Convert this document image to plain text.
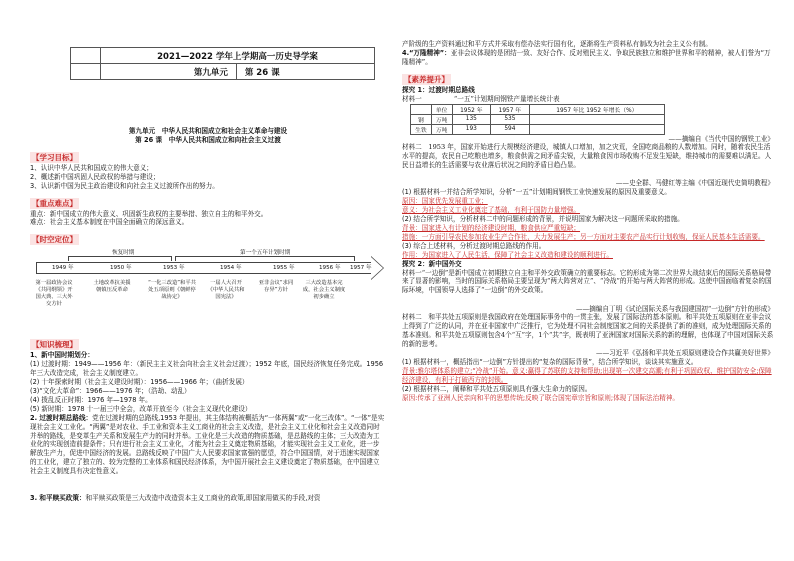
	2021—2022 学年上学期高一历史导学案	
	第九单元	第 26 课
第九单元　中华人民共和国成立和社会主义革命与建设
第 26 课　中华人民共和国成立和向社会主义过渡
【学习目标】
1、认识中华人民共和国成立的伟大意义；
2、概述新中国巩固人民政权的举措与建设；
3、认识新中国为民主政治建设和向社会主义过渡所作出的努力。
【重点难点】
重点：新中国成立的伟大意义、巩固新生政权的主要举措、独立自主的和平外交。
难点：社会主义基本制度在中国全面确立的深远意义。
【时空定位】
恢复时期	第一个五年计划时期
1949 年	1950 年	1953 年	1954 年	1955 年	1956 年 1957 年
第一届政协会议《共同纲领》开国大典、三大外交方针
土地改革抗美援朝镇压反革命
“一化三改造”和平共处五项原则《朝鲜停战协定》
一届人大召开《中华人民共和国宪法》
亚非会议“求同存异”方针
三大改造基本完成，社会主义制度初步确立
【知识梳理】
1、新中国时期划分：
(1) 过渡时期：1949——1956 年：（新民主主义社会向社会主义社会过渡）；1952 年底，国民经济恢复任务完成。1956 年三大改造完成，社会主义制度建立。
(2) 十年探索时期（社会主义建设时期）：1956——1966 年；（曲折发展）
(3)“文化大革命”：1966——1976 年；（浩劫、动乱）
(4) 拨乱反正时期：1976 年—1978 年。
(5) 新时期：1978 十一届三中全会，改革开放至今（社会主义现代化建设）
2. 过渡时期总路线：党在过渡时期的总路线,1953 年提出，其主体结构被概括为“一体两翼”或“一化三改体”。“一体”是实现社会主义工业化。“两翼”是对农业、手工业和资本主义工商业的社会主义改造，是社会主义工业化和社会主义改造同时并举的路线，是变革生产关系和发展生产力的同时并举。工业化是三大改造的物质基础，是总路线的主体；三大改造为工业化的实现创造前提条件；只有进行社会主义工业化，才能为社会主义奠定物质基础，才能实现社会主义工业化，进一步解放生产力，促进中国经济的发展。总路线反映了中国广大人民要求国家富强的愿望，符合中国国情，对于迅速实现国家的工业化，建立了独立的、较为完整的工业体系和国民经济体系，为中国开展社会主义建设奠定了物质基础，在中国建立社会主义制度具有决定性意义。
3. 和平赎买政策：和平赎买政策是三大改造中改造资本主义工商业的政策,即国家用做买的手段,对资
产阶级的生产资料通过和平方式并采取有偿办法实行国有化，逐渐将生产资料私有制改为社会主义公有制。
4.“万隆精神”：亚非会议体现的是团结一致、友好合作、反对殖民主义、争取民族独立和维护世界和平的精神，被人们誉为“万隆精神”。
【素养提升】
探究 1：过渡时期总路线
材料一	“一五”计划期间钢铁产量增长统计表
	单位	1952 年	1957 年	1957 年比 1952 年增长（%）
钢	万吨	135	535	
生铁	万吨	193	594	
——摘编自《当代中国的钢铁工业》
材料二　1953 年，国家开始进行大规模经济建设，城镇人口增加，加之灾荒，全国吃商品粮的人数增加。同时，随着农民生活水平的提高，农民自己吃粮也增多，粮食供需之间矛盾尖锐，大量粮食因市场收购不足发生短缺，维持城市的需要难以满足。人民日益增长的生活需要与农业落后状况之间的矛盾日趋凸显。
——史全群、马健红等主编《中国近现代史简明教程》
(1) 根据材料一并结合所学知识，分析“一五”计划期间钢铁工业快速发展的原因及重要意义。
原因：国家优先发展重工业；
意义：为社会主义工业化奠定了基础，有利于国防力量增强。
(2) 结合所学知识，分析材料二中的问题形成的背景，并说明国家为解决这一问题所采取的措施。
背景：国家进入有计划的经济建设时期，粮食供应严重短缺；
措施：一方面引导农民参加农业生产合作社，大力发展生产；另一方面对主要农产品实行计划收购，保证人民基本生活需要。
(3) 综合上述材料，分析过渡时期总路线的作用。
作用：为国家进入了人民生活，保障了社会主义改造和建设的顺利进行。
探究 2：新中国外交
材料一“一边倒”是新中国成立初期独立自主和平外交政策确立的重要标志。它的形成为第二次世界大战结束后的国际关系格局带来了显著的影响，当时的国际关系格局主要呈现为“两大阵营对立”、“冷战”的开始与两大阵营的形成。这使中国面临着复杂的国际环境，中国领导人选择了“一边倒”的外交政策。
——摘编自丁明《试论国际关系与我国建国初“一边倒”方针的形成》
材料二　和平共处五项原则是我国政府在处理国际事务中的一贯主张，发展了国际法的基本原则。和平共处五项原则在亚非会议上得到了广泛的认同，并在亚非国家中广泛推行，它为处理不同社会制度国家之间的关系提供了新的准则，成为处理国际关系的基本准则。和平共处五项原则包含4个“互”字，1个“共”字，既表明了亚洲国家对国际关系的新的理解，也体现了中国对国际关系的新的思考。
——习近平《弘扬和平共处五项原则建设合作共赢美好世界》
(1) 根据材料一，概括指出“一边倒”方针提出的“复杂的国际背景”，结合所学知识，谈谈其实施意义。
背景:雅尔塔体系的建立;“冷战”开始。意义:赢得了苏联的支持和帮助;出现第一次建交高潮;有利于巩固政权、维护国防安全;保障经济建设，有利于打破西方的封锁。
(2) 根据材料二，阐释和平共处五项原则具有强大生命力的原因。
原因:传承了亚洲人民亲向和平的思想传统;反映了联合国宪章宗旨和原则;体现了国际法治精神。
